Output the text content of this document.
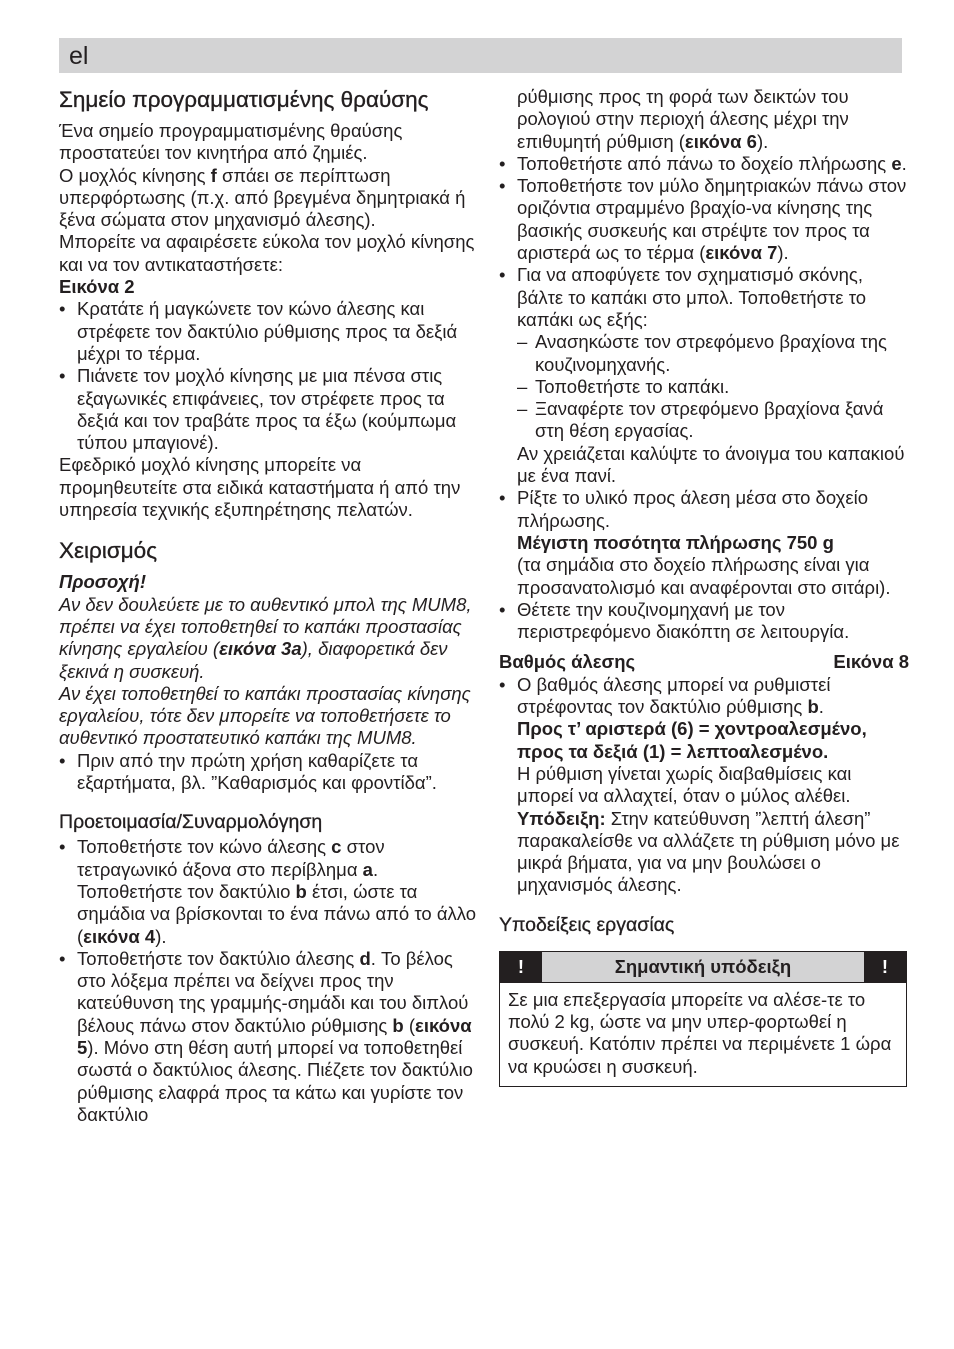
el
Σημείο προγραμματισμένης θραύσης

Ένα σημείο προγραμματισμένης θραύσης προστατεύει τον κινητήρα από ζημιές.

Ο μοχλός κίνησης f σπάει σε περίπτωση υπερφόρτωσης (π.χ. από βρεγμένα δημητριακά ή ξένα σώματα στον μηχανισμό άλεσης).

Μπορείτε να αφαιρέσετε εύκολα τον μοχλό κίνησης και να τον αντικαταστήσετε:

Εικόνα 2

• Κρατάτε ή μαγκώνετε τον κώνο άλεσης και στρέφετε τον δακτύλιο ρύθμισης προς τα δεξιά μέχρι το τέρμα.
• Πιάνετε τον μοχλό κίνησης με μια πένσα στις εξαγωνικές επιφάνειες, τον στρέφετε προς τα δεξιά και τον τραβάτε προς τα έξω (κούμπωμα τύπου μπαγιονέ).

Εφεδρικό μοχλό κίνησης μπορείτε να προμηθευτείτε στα ειδικά καταστήματα ή από την υπηρεσία τεχνικής εξυπηρέτησης πελατών.

Χειρισμός

Προσοχή!

Αν δεν δουλεύετε με το αυθεντικό μπολ της MUM8, πρέπει να έχει τοποθετηθεί το καπάκι προστασίας κίνησης εργαλείου (εικόνα 3a), διαφορετικά δεν ξεκινά η συσκευή.

Αν έχει τοποθετηθεί το καπάκι προστασίας κίνησης εργαλείου, τότε δεν μπορείτε να τοποθετήσετε το αυθεντικό προστατευτικό καπάκι της MUM8.

• Πριν από την πρώτη χρήση καθαρίζετε τα εξαρτήματα, βλ. ”Καθαρισμός και φροντίδα”.
Προετοιμασία/Συναρμολόγηση
• Τοποθετήστε τον κώνο άλεσης c στον τετραγωνικό άξονα στο περίβλημα a. Τοποθετήστε τον δακτύλιο b έτσι, ώστε τα σημάδια να βρίσκονται το ένα πάνω από το άλλο (εικόνα 4).
• Τοποθετήστε τον δακτύλιο άλεσης d. Το βέλος στο λόξεμα πρέπει να δείχνει προς την κατεύθυνση της γραμμής-σημάδι και του διπλού βέλους πάνω στον δακτύλιο ρύθμισης b (εικόνα 5). Μόνο στη θέση αυτή μπορεί να τοποθετηθεί σωστά ο δακτύλιος άλεσης. Πιέζετε τον δακτύλιο ρύθμισης ελαφρά προς τα κάτω και γυρίστε τον δακτύλιο

ρύθμισης προς τη φορά των δεικτών του ρολογιού στην περιοχή άλεσης μέχρι την επιθυμητή ρύθμιση (εικόνα 6).

• Τοποθετήστε από πάνω το δοχείο πλήρωσης e.
• Τοποθετήστε τον μύλο δημητριακών πάνω στον οριζόντια στραμμένο βραχίο-να κίνησης της βασικής συσκευής και στρέψτε τον προς τα αριστερά ως το τέρμα (εικόνα 7).
• Για να αποφύγετε τον σχηματισμό σκόνης, βάλτε το καπάκι στο μπολ. Τοποθετήστε το καπάκι ως εξής:
– Ανασηκώστε τον στρεφόμενο βραχίονα της κουζινομηχανής.
– Τοποθετήστε το καπάκι.
– Ξαναφέρτε τον στρεφόμενο βραχίονα ξανά στη θέση εργασίας.
Αν χρειάζεται καλύψτε το άνοιγμα του καπακιού με ένα πανί.
• Ρίξτε το υλικό προς άλεση μέσα στο δοχείο πλήρωσης.
Μέγιστη ποσότητα πλήρωσης 750 g
(τα σημάδια στο δοχείο πλήρωσης είναι για προσανατολισμό και αναφέρονται στο σιτάρι).
• Θέτετε την κουζινομηχανή με τον περιστρεφόμενο διακόπτη σε λειτουργία.
Βαθμός άλεσης	Εικόνα 8
• Ο βαθμός άλεσης μπορεί να ρυθμιστεί στρέφοντας τον δακτύλιο ρύθμισης b.
Προς τ’ αριστερά (6) = χοντροαλεσμένο,
προς τα δεξιά (1) = λεπτοαλεσμένο.
Η ρύθμιση γίνεται χωρίς διαβαθμίσεις και μπορεί να αλλαχτεί, όταν ο μύλος αλέθει.
Υπόδειξη: Στην κατεύθυνση ”λεπτή άλεση” παρακαλείσθε να αλλάζετε τη ρύθμιση μόνο με μικρά βήματα, για να μην βουλώσει ο μηχανισμός άλεσης.
Υποδείξεις εργασίας
!	Σημαντική υπόδειξη	!
Σε μια επεξεργασία μπορείτε να αλέσε-τε το πολύ 2 kg, ώστε να μην υπερ-φορτωθεί η συσκευή. Κατόπιν πρέπει να περιμένετε 1 ώρα να κρυώσει η συσκευή.
